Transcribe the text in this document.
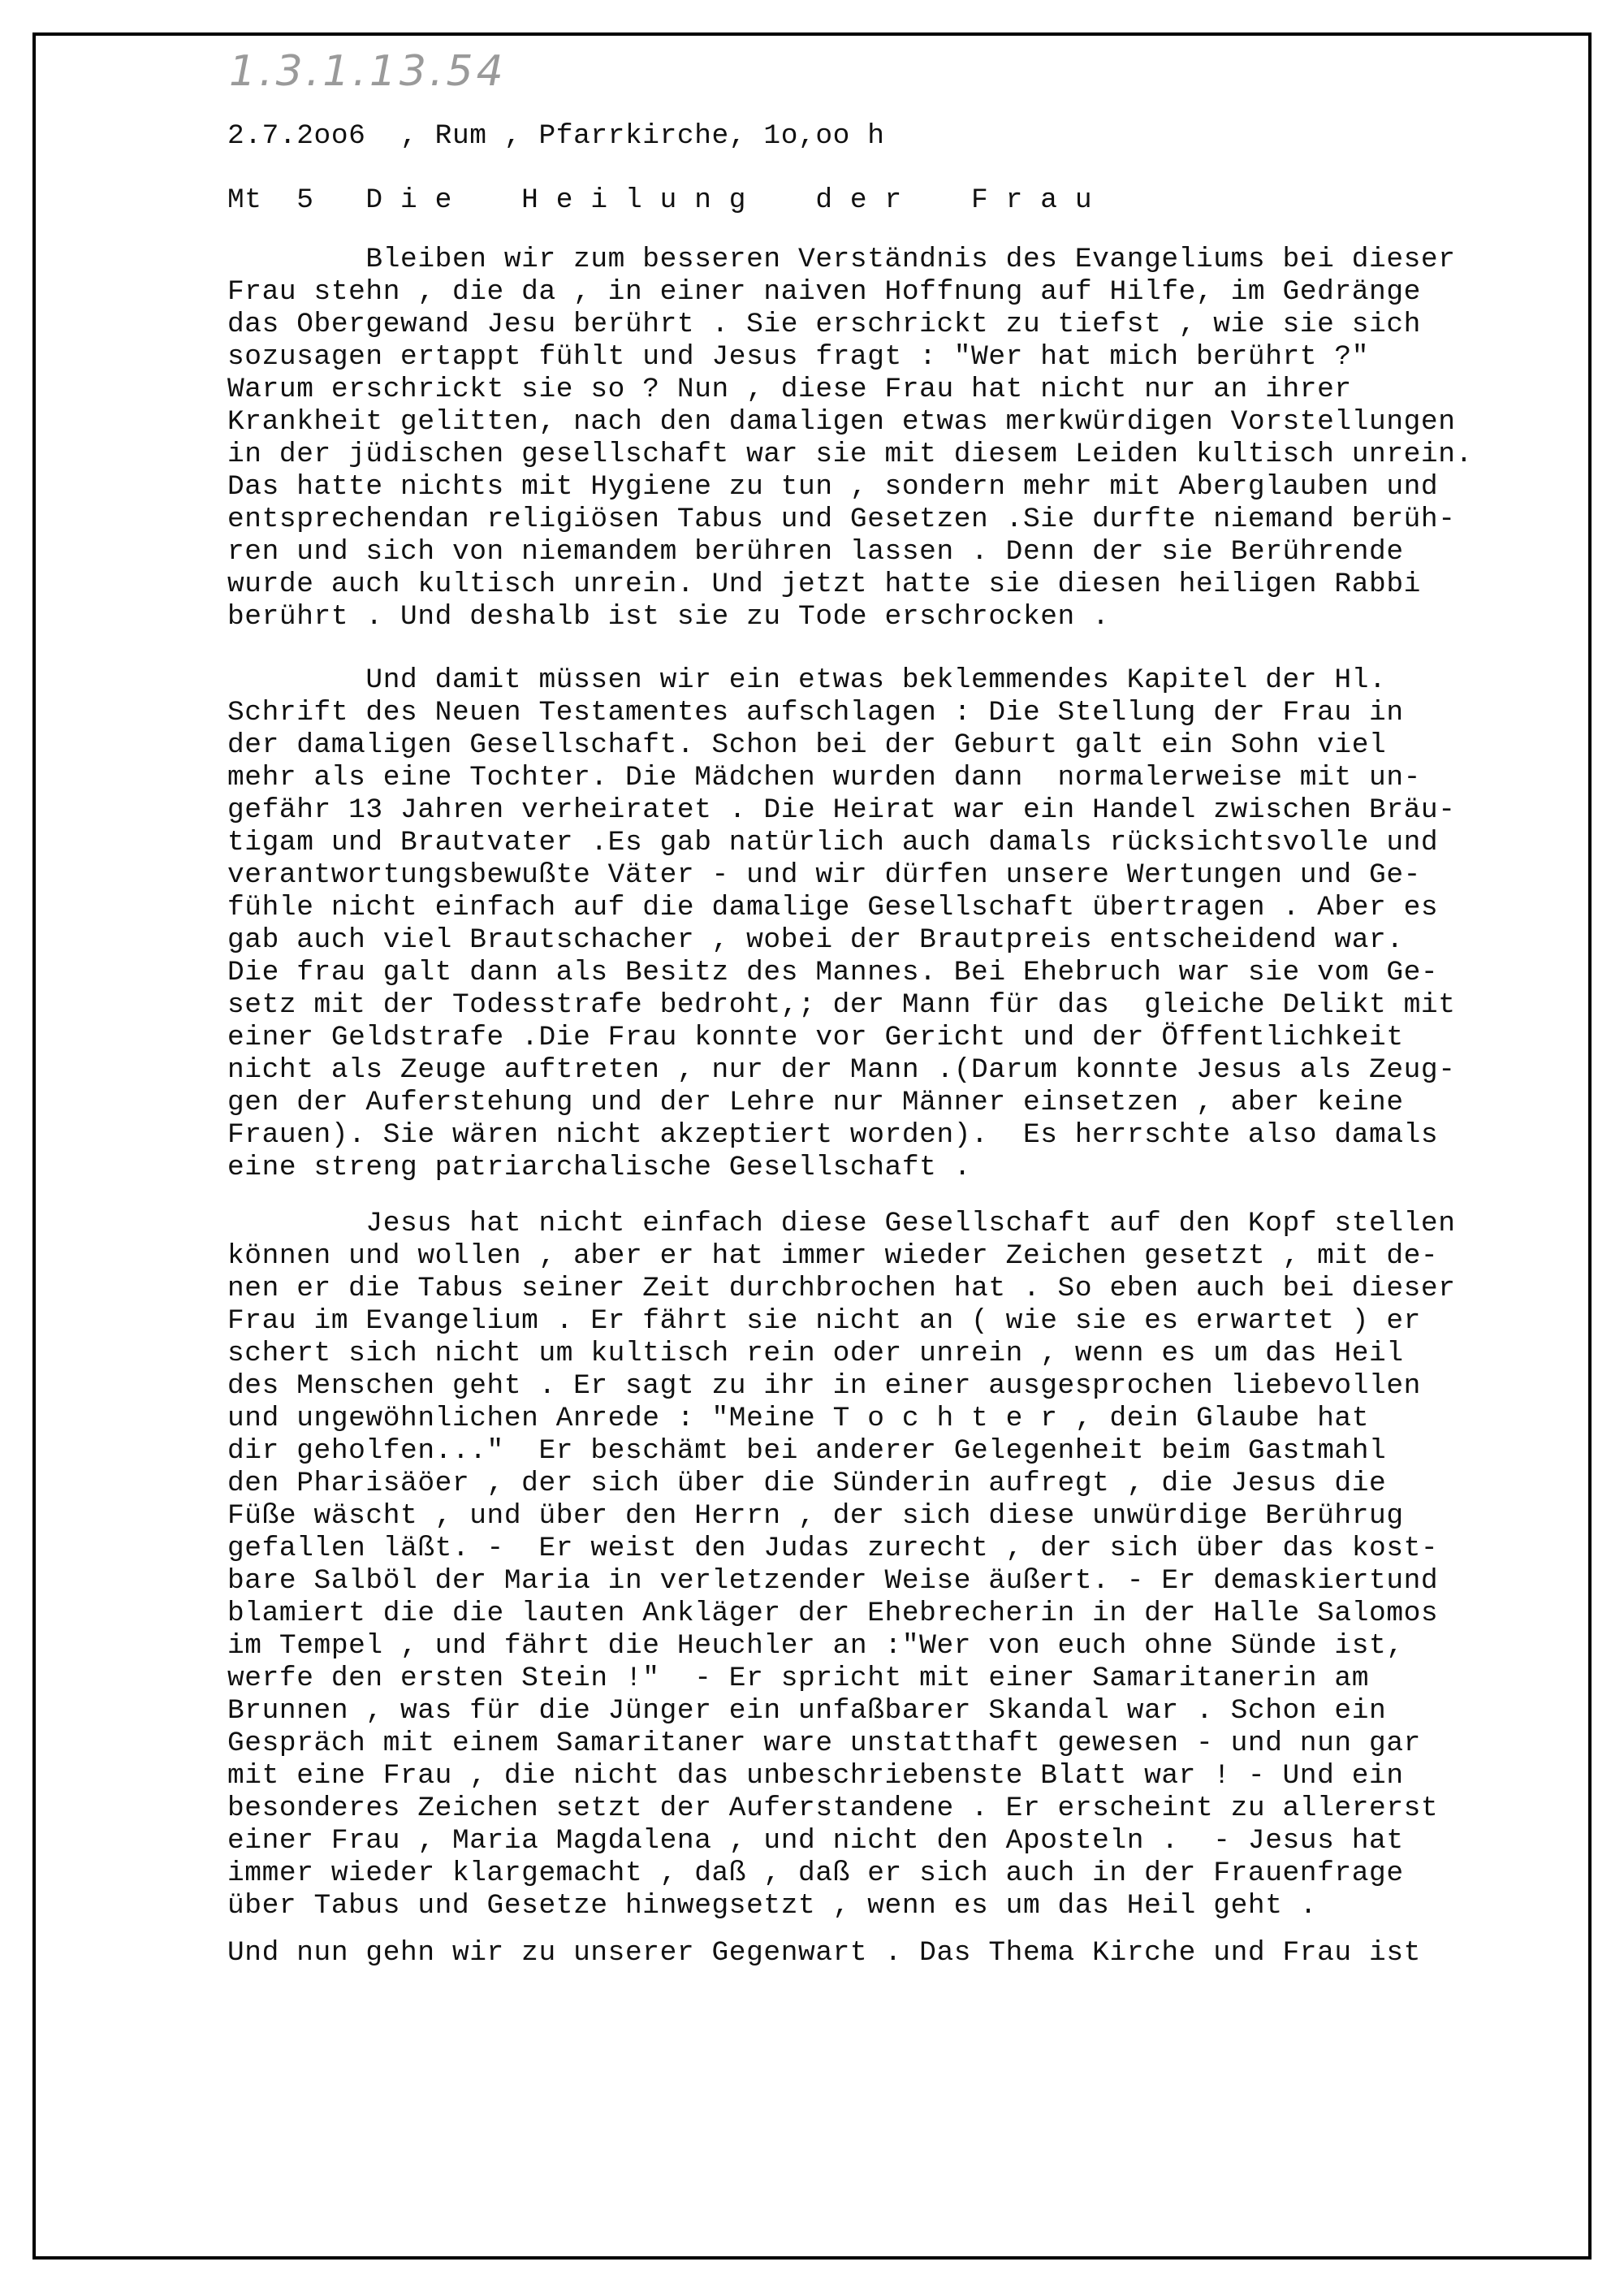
1.3.1.13.54
2.7.2oo6  , Rum , Pfarrkirche, 1o,oo h
Mt  5   D i e    H e i l u n g    d e r    F r a u
Bleiben wir zum besseren Verständnis des Evangeliums bei dieser
Frau stehn , die da , in einer naiven Hoffnung auf Hilfe, im Gedränge
das Obergewand Jesu berührt . Sie erschrickt zu tiefst , wie sie sich
sozusagen ertappt fühlt und Jesus fragt : "Wer hat mich berührt ?"
Warum erschrickt sie so ? Nun , diese Frau hat nicht nur an ihrer
Krankheit gelitten, nach den damaligen etwas merkwürdigen Vorstellungen
in der jüdischen gesellschaft war sie mit diesem Leiden kultisch unrein.
Das hatte nichts mit Hygiene zu tun , sondern mehr mit Aberglauben und
entsprechendan religiösen Tabus und Gesetzen .Sie durfte niemand berüh-
ren und sich von niemandem berühren lassen . Denn der sie Berührende
wurde auch kultisch unrein. Und jetzt hatte sie diesen heiligen Rabbi
berührt . Und deshalb ist sie zu Tode erschrocken .
Und damit müssen wir ein etwas beklemmendes Kapitel der Hl.
Schrift des Neuen Testamentes aufschlagen : Die Stellung der Frau in
der damaligen Gesellschaft. Schon bei der Geburt galt ein Sohn viel
mehr als eine Tochter. Die Mädchen wurden dann  normalerweise mit un-
gefähr 13 Jahren verheiratet . Die Heirat war ein Handel zwischen Bräu-
tigam und Brautvater .Es gab natürlich auch damals rücksichtsvolle und
verantwortungsbewußte Väter - und wir dürfen unsere Wertungen und Ge-
fühle nicht einfach auf die damalige Gesellschaft übertragen . Aber es
gab auch viel Brautschacher , wobei der Brautpreis entscheidend war.
Die frau galt dann als Besitz des Mannes. Bei Ehebruch war sie vom Ge-
setz mit der Todesstrafe bedroht,; der Mann für das  gleiche Delikt mit
einer Geldstrafe .Die Frau konnte vor Gericht und der Öffentlichkeit
nicht als Zeuge auftreten , nur der Mann .(Darum konnte Jesus als Zeug-
gen der Auferstehung und der Lehre nur Männer einsetzen , aber keine
Frauen). Sie wären nicht akzeptiert worden).  Es herrschte also damals
eine streng patriarchalische Gesellschaft .
Jesus hat nicht einfach diese Gesellschaft auf den Kopf stellen
können und wollen , aber er hat immer wieder Zeichen gesetzt , mit de-
nen er die Tabus seiner Zeit durchbrochen hat . So eben auch bei dieser
Frau im Evangelium . Er fährt sie nicht an ( wie sie es erwartet ) er
schert sich nicht um kultisch rein oder unrein , wenn es um das Heil
des Menschen geht . Er sagt zu ihr in einer ausgesprochen liebevollen
und ungewöhnlichen Anrede : "Meine T o c h t e r , dein Glaube hat
dir geholfen..."  Er beschämt bei anderer Gelegenheit beim Gastmahl
den Pharisäöer , der sich über die Sünderin aufregt , die Jesus die
Füße wäscht , und über den Herrn , der sich diese unwürdige Berührug
gefallen läßt. -  Er weist den Judas zurecht , der sich über das kost-
bare Salböl der Maria in verletzender Weise äußert. - Er demaskiertund
blamiert die die lauten Ankläger der Ehebrecherin in der Halle Salomos
im Tempel , und fährt die Heuchler an :"Wer von euch ohne Sünde ist,
werfe den ersten Stein !"  - Er spricht mit einer Samaritanerin am
Brunnen , was für die Jünger ein unfaßbarer Skandal war . Schon ein
Gespräch mit einem Samaritaner ware unstatthaft gewesen - und nun gar
mit eine Frau , die nicht das unbeschriebenste Blatt war ! - Und ein
besonderes Zeichen setzt der Auferstandene . Er erscheint zu allererst
einer Frau , Maria Magdalena , und nicht den Aposteln .  - Jesus hat
immer wieder klargemacht , daß , daß er sich auch in der Frauenfrage
über Tabus und Gesetze hinwegsetzt , wenn es um das Heil geht .
Und nun gehn wir zu unserer Gegenwart . Das Thema Kirche und Frau ist
